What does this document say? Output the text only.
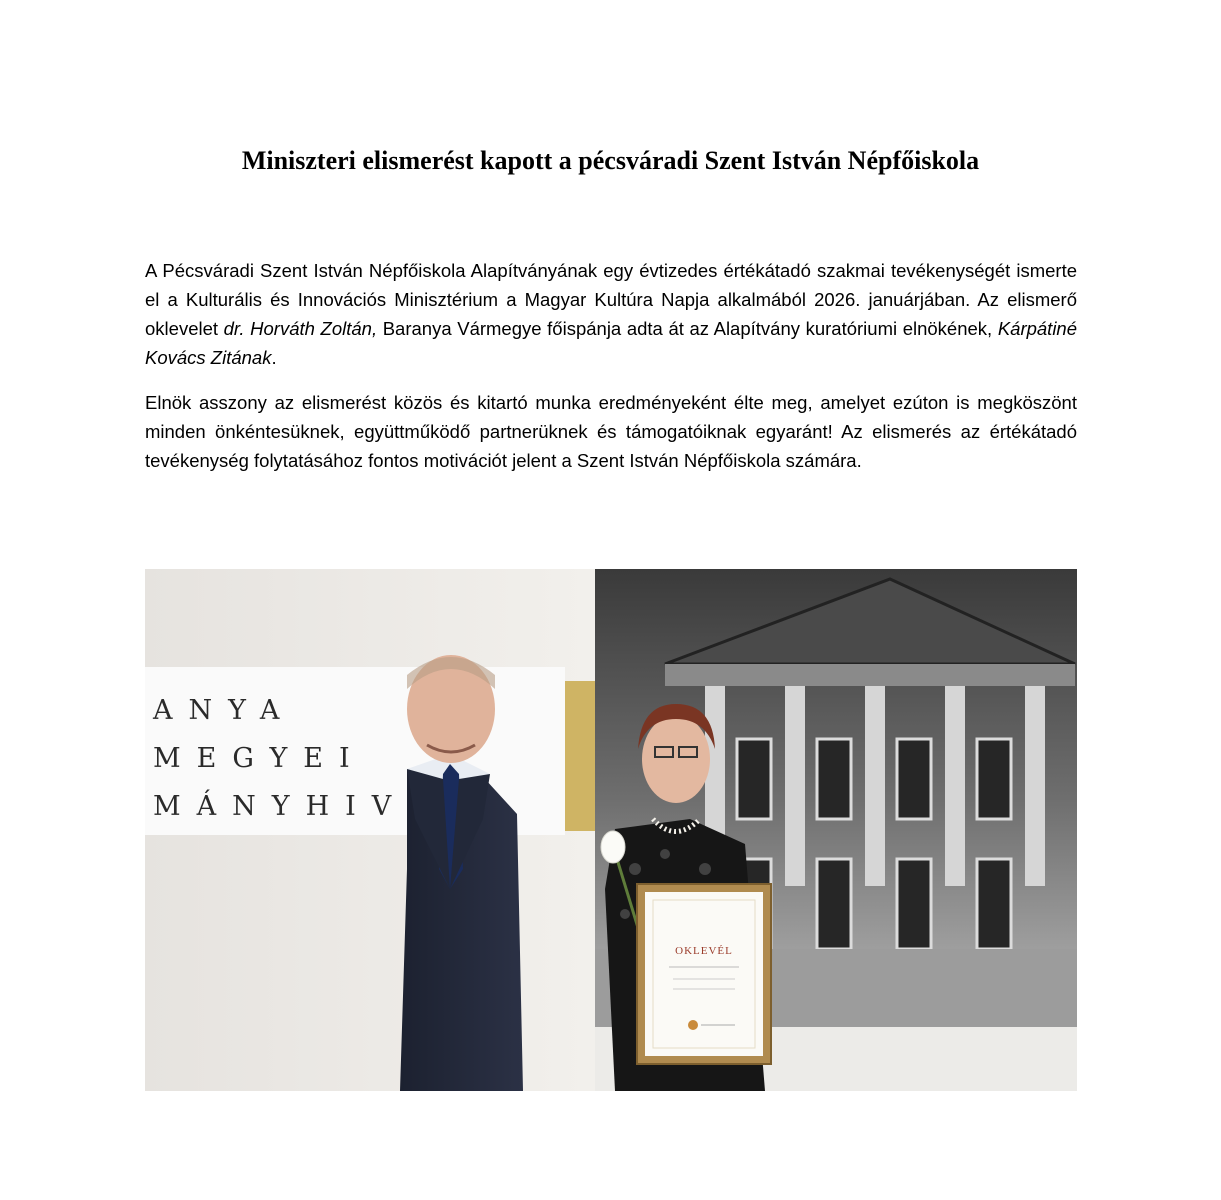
Miniszteri elismerést kapott a pécsváradi Szent István Népfőiskola

A Pécsváradi Szent István Népfőiskola Alapítványának egy évtizedes értékátadó szakmai tevékenységét ismerte el a Kulturális és Innovációs Minisztérium a Magyar Kultúra Napja alkalmából 2026. januárjában. Az elismerő oklevelet dr. Horváth Zoltán, Baranya Vármegye főispánja adta át az Alapítvány kuratóriumi elnökének, Kárpátiné Kovács Zitának.

Elnök asszony az elismerést közös és kitartó munka eredményeként élte meg, amelyet ezúton is megköszönt minden önkéntesüknek, együttműködő partnerüknek és támogatóiknak egyaránt! Az elismerés az értékátadó tevékenység folytatásához fontos motivációt jelent a Szent István Népfőiskola számára.

ANYA
MEGYEI
MÁNYHIV
OKLEVÉL
